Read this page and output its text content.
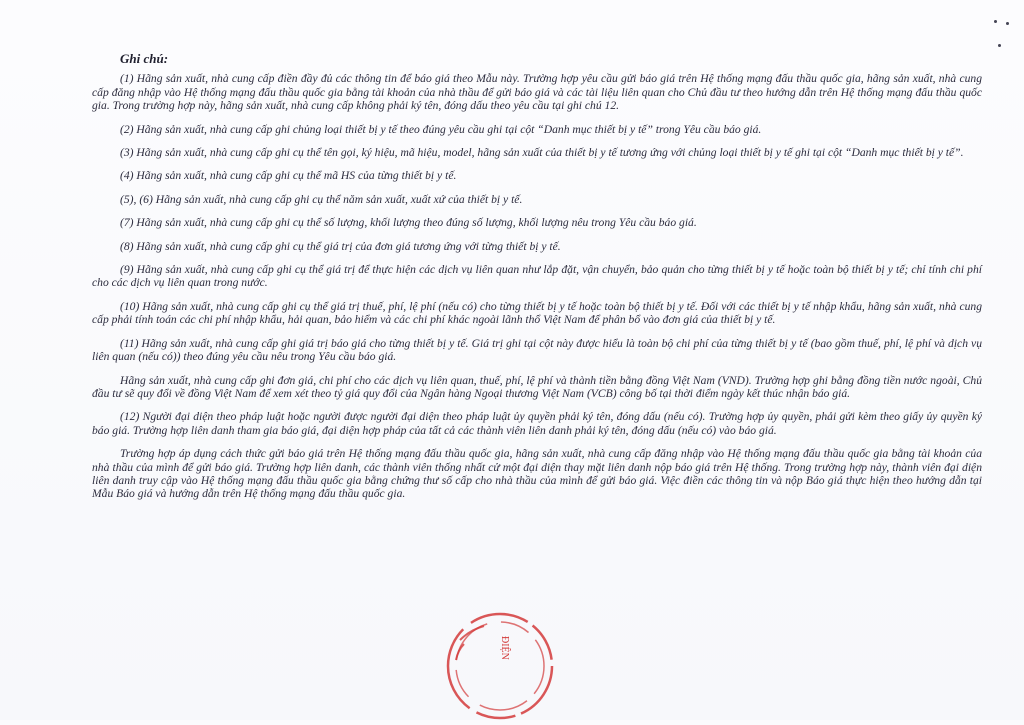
Ghi chú:

(1) Hãng sản xuất, nhà cung cấp điền đầy đủ các thông tin để báo giá theo Mẫu này. Trường hợp yêu cầu gửi báo giá trên Hệ thống mạng đấu thầu quốc gia, hãng sản xuất, nhà cung cấp đăng nhập vào Hệ thống mạng đấu thầu quốc gia bằng tài khoản của nhà thầu để gửi báo giá và các tài liệu liên quan cho Chủ đầu tư theo hướng dẫn trên Hệ thống mạng đấu thầu quốc gia. Trong trường hợp này, hãng sản xuất, nhà cung cấp không phải ký tên, đóng dấu theo yêu cầu tại ghi chú 12.

(2) Hãng sản xuất, nhà cung cấp ghi chủng loại thiết bị y tế theo đúng yêu cầu ghi tại cột “Danh mục thiết bị y tế” trong Yêu cầu báo giá.

(3) Hãng sản xuất, nhà cung cấp ghi cụ thể tên gọi, ký hiệu, mã hiệu, model, hãng sản xuất của thiết bị y tế tương ứng với chủng loại thiết bị y tế ghi tại cột “Danh mục thiết bị y tế”.

(4) Hãng sản xuất, nhà cung cấp ghi cụ thể mã HS của từng thiết bị y tế.

(5), (6) Hãng sản xuất, nhà cung cấp ghi cụ thể năm sản xuất, xuất xứ của thiết bị y tế.

(7) Hãng sản xuất, nhà cung cấp ghi cụ thể số lượng, khối lượng theo đúng số lượng, khối lượng nêu trong Yêu cầu báo giá.

(8) Hãng sản xuất, nhà cung cấp ghi cụ thể giá trị của đơn giá tương ứng với từng thiết bị y tế.

(9) Hãng sản xuất, nhà cung cấp ghi cụ thể giá trị để thực hiện các dịch vụ liên quan như lắp đặt, vận chuyển, bảo quản cho từng thiết bị y tế hoặc toàn bộ thiết bị y tế; chỉ tính chi phí cho các dịch vụ liên quan trong nước.

(10) Hãng sản xuất, nhà cung cấp ghi cụ thể giá trị thuế, phí, lệ phí (nếu có) cho từng thiết bị y tế hoặc toàn bộ thiết bị y tế. Đối với các thiết bị y tế nhập khẩu, hãng sản xuất, nhà cung cấp phải tính toán các chi phí nhập khẩu, hải quan, bảo hiểm và các chi phí khác ngoài lãnh thổ Việt Nam để phân bổ vào đơn giá của thiết bị y tế.

(11) Hãng sản xuất, nhà cung cấp ghi giá trị báo giá cho từng thiết bị y tế. Giá trị ghi tại cột này được hiểu là toàn bộ chi phí của từng thiết bị y tế (bao gồm thuế, phí, lệ phí và dịch vụ liên quan (nếu có)) theo đúng yêu cầu nêu trong Yêu cầu báo giá.

Hãng sản xuất, nhà cung cấp ghi đơn giá, chi phí cho các dịch vụ liên quan, thuế, phí, lệ phí và thành tiền bằng đồng Việt Nam (VND). Trường hợp ghi bằng đồng tiền nước ngoài, Chủ đầu tư sẽ quy đổi về đồng Việt Nam để xem xét theo tỷ giá quy đổi của Ngân hàng Ngoại thương Việt Nam (VCB) công bố tại thời điểm ngày kết thúc nhận báo giá.

(12) Người đại diện theo pháp luật hoặc người được người đại diện theo pháp luật ủy quyền phải ký tên, đóng dấu (nếu có). Trường hợp ủy quyền, phải gửi kèm theo giấy ủy quyền ký báo giá. Trường hợp liên danh tham gia báo giá, đại diện hợp pháp của tất cả các thành viên liên danh phải ký tên, đóng dấu (nếu có) vào báo giá.

Trường hợp áp dụng cách thức gửi báo giá trên Hệ thống mạng đấu thầu quốc gia, hãng sản xuất, nhà cung cấp đăng nhập vào Hệ thống mạng đấu thầu quốc gia bằng tài khoản của nhà thầu của mình để gửi báo giá. Trường hợp liên danh, các thành viên thống nhất cử một đại diện thay mặt liên danh nộp báo giá trên Hệ thống. Trong trường hợp này, thành viên đại diện liên danh truy cập vào Hệ thống mạng đấu thầu quốc gia bằng chứng thư số cấp cho nhà thầu của mình để gửi báo giá. Việc điền các thông tin và nộp Báo giá thực hiện theo hướng dẫn tại Mẫu Báo giá và hướng dẫn trên Hệ thống mạng đấu thầu quốc gia.

ĐIỆN
